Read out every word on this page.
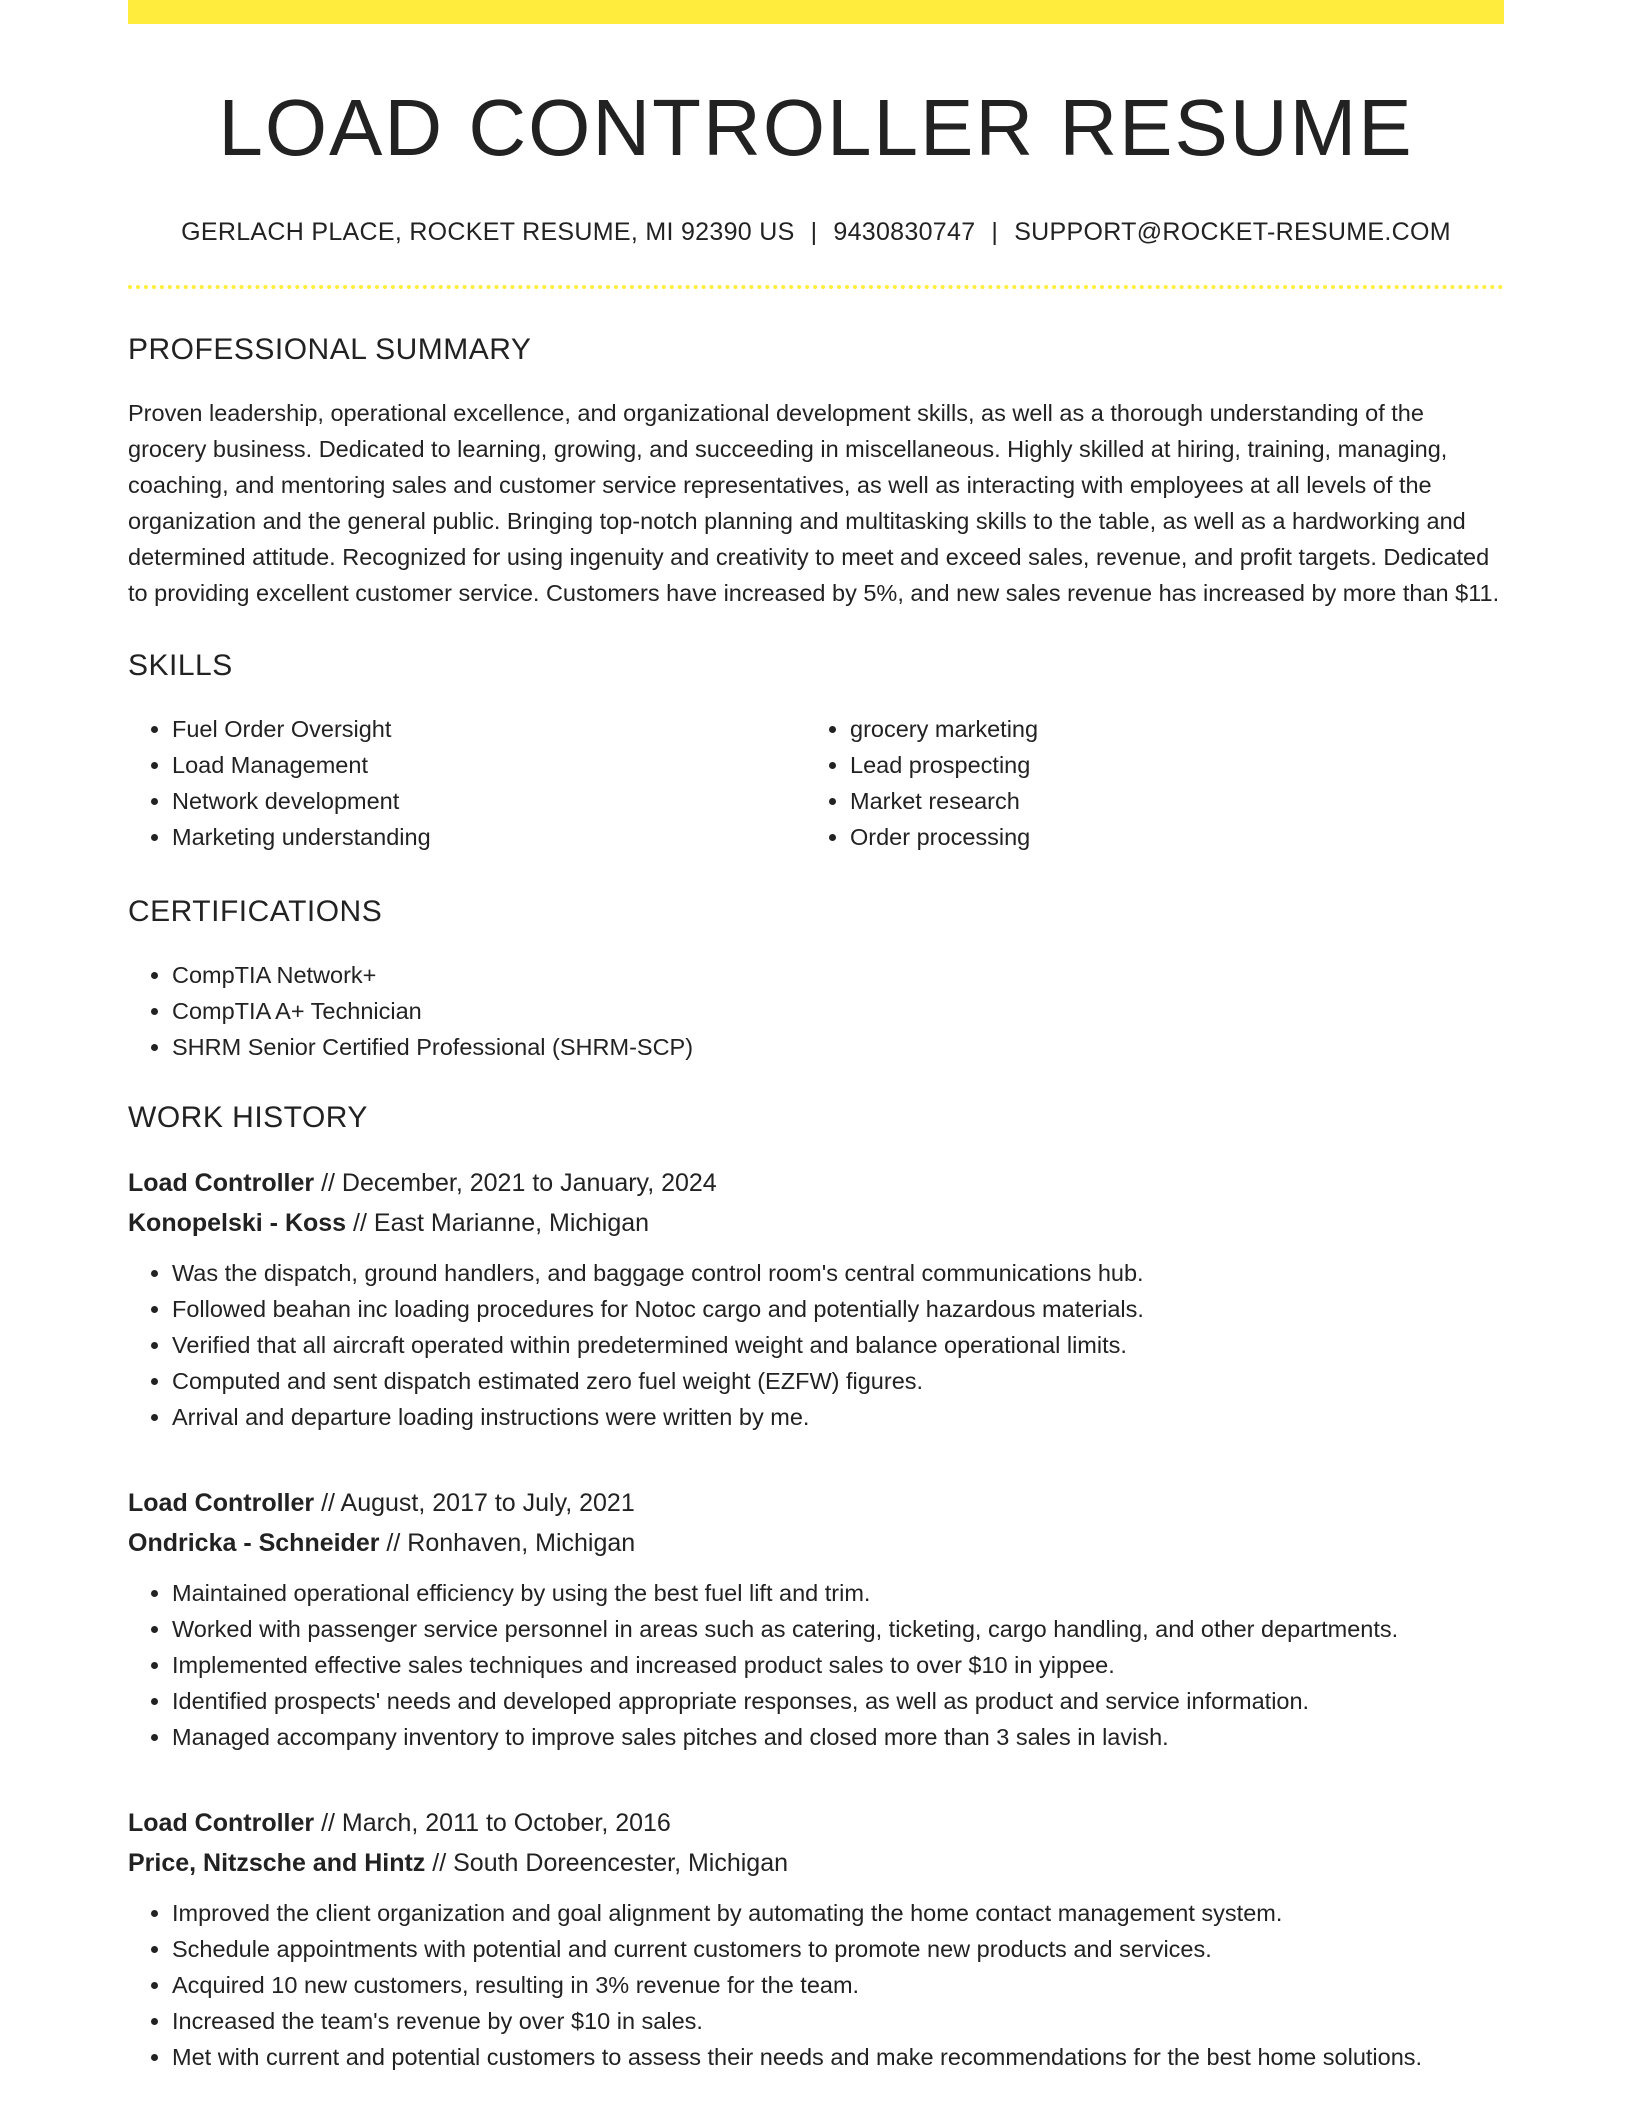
LOAD CONTROLLER RESUME
GERLACH PLACE, ROCKET RESUME, MI 92390 US | 9430830747 | SUPPORT@ROCKET-RESUME.COM
PROFESSIONAL SUMMARY

Proven leadership, operational excellence, and organizational development skills, as well as a thorough understanding of the grocery business. Dedicated to learning, growing, and succeeding in miscellaneous. Highly skilled at hiring, training, managing, coaching, and mentoring sales and customer service representatives, as well as interacting with employees at all levels of the organization and the general public. Bringing top-notch planning and multitasking skills to the table, as well as a hardworking and determined attitude. Recognized for using ingenuity and creativity to meet and exceed sales, revenue, and profit targets. Dedicated to providing excellent customer service. Customers have increased by 5%, and new sales revenue has increased by more than $11.

SKILLS
• Fuel Order Oversight
• Load Management
• Network development
• Marketing understanding
• grocery marketing
• Lead prospecting
• Market research
• Order processing
CERTIFICATIONS
• CompTIA Network+
• CompTIA A+ Technician
• SHRM Senior Certified Professional (SHRM-SCP)
WORK HISTORY
Load Controller // December, 2021 to January, 2024
Konopelski - Koss // East Marianne, Michigan
• Was the dispatch, ground handlers, and baggage control room's central communications hub.
• Followed beahan inc loading procedures for Notoc cargo and potentially hazardous materials.
• Verified that all aircraft operated within predetermined weight and balance operational limits.
• Computed and sent dispatch estimated zero fuel weight (EZFW) figures.
• Arrival and departure loading instructions were written by me.
Load Controller // August, 2017 to July, 2021
Ondricka - Schneider // Ronhaven, Michigan
• Maintained operational efficiency by using the best fuel lift and trim.
• Worked with passenger service personnel in areas such as catering, ticketing, cargo handling, and other departments.
• Implemented effective sales techniques and increased product sales to over $10 in yippee.
• Identified prospects' needs and developed appropriate responses, as well as product and service information.
• Managed accompany inventory to improve sales pitches and closed more than 3 sales in lavish.
Load Controller // March, 2011 to October, 2016
Price, Nitzsche and Hintz // South Doreencester, Michigan
• Improved the client organization and goal alignment by automating the home contact management system.
• Schedule appointments with potential and current customers to promote new products and services.
• Acquired 10 new customers, resulting in 3% revenue for the team.
• Increased the team's revenue by over $10 in sales.
• Met with current and potential customers to assess their needs and make recommendations for the best home solutions.
